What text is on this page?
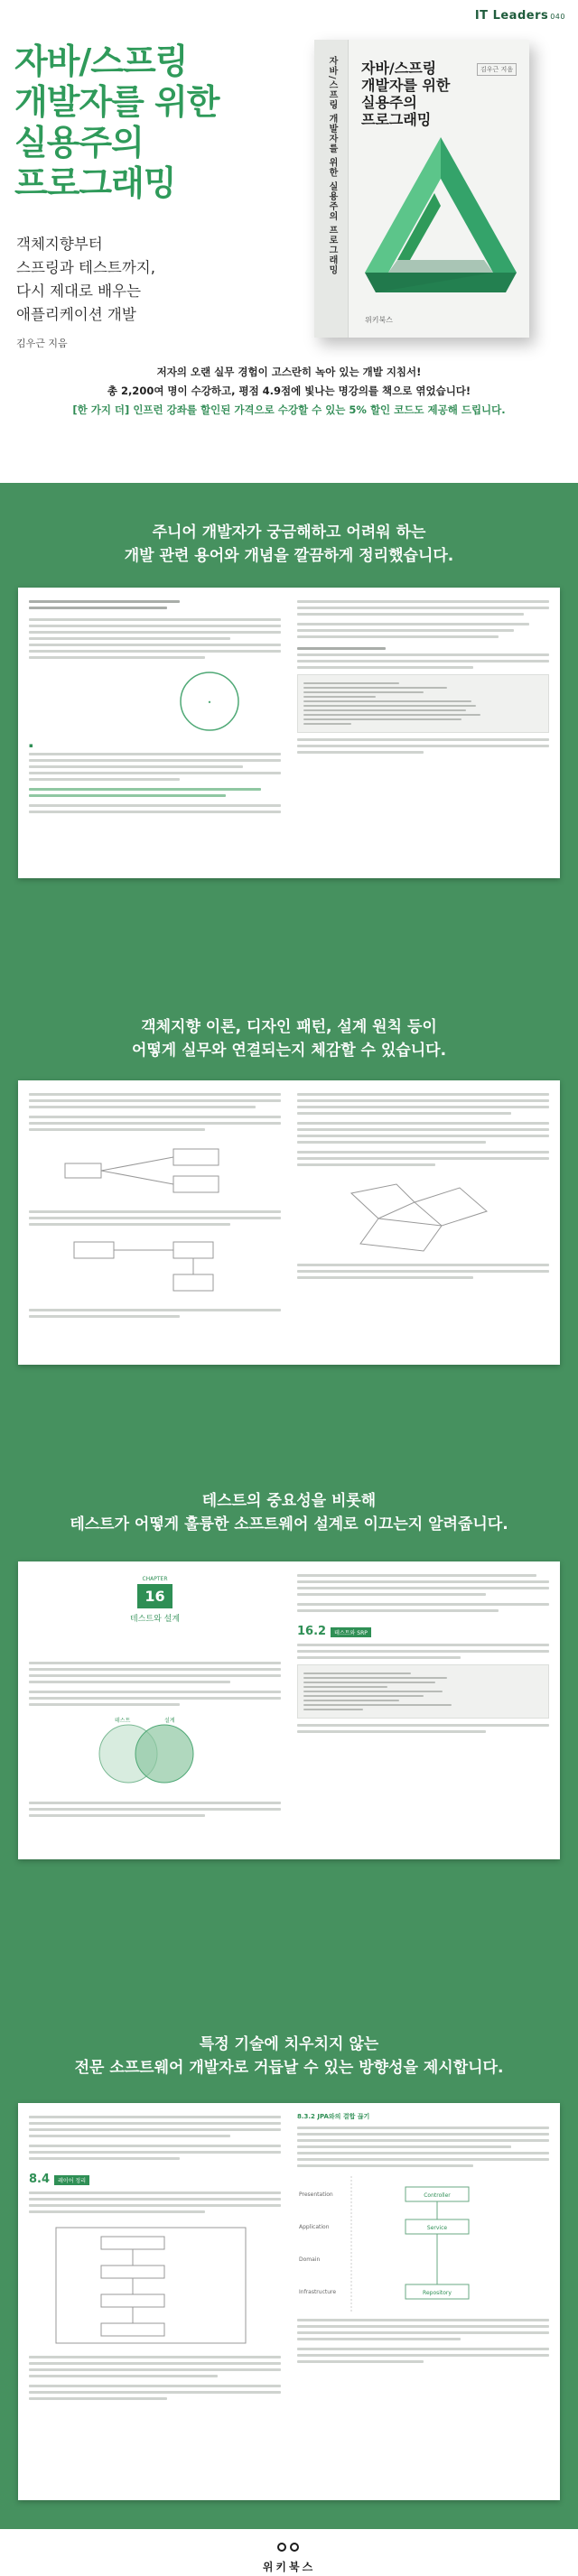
IT Leaders 040
자바/스프링
개발자를 위한
실용주의
프로그래밍
객체지향부터
스프링과 테스트까지,
다시 제대로 배우는
애플리케이션 개발
김우근 지음
자바/스프링 개발자를 위한 실용주의 프로그래밍 자바/스프링
개발자를 위한
실용주의
프로그래밍
김우근 지음
위키북스
저자의 오랜 실무 경험이 고스란히 녹아 있는 개발 지침서!
총 2,200여 명이 수강하고, 평점 4.9점에 빛나는 명강의를 책으로 엮었습니다!
[한 가지 더] 인프런 강좌를 할인된 가격으로 수강할 수 있는 5% 할인 코드도 제공해 드립니다.
주니어 개발자가 궁금해하고 어려워 하는
개발 관련 용어와 개념을 깔끔하게 정리했습니다.
•
▪
객체지향 이론, 디자인 패턴, 설계 원칙 등이
어떻게 실무와 연결되는지 체감할 수 있습니다.
테스트의 중요성을 비롯해
테스트가 어떻게 훌륭한 소프트웨어 설계로 이끄는지 알려줍니다.
CHAPTER
16
테스트와 설계
테스트	설계
16.2 테스트와 SRP
특정 기술에 치우치지 않는
전문 소프트웨어 개발자로 거듭날 수 있는 방향성을 제시합니다.
8.4 레이어 정리
8.3.2 JPA와의 결합 끊기
Presentation
Application
Domain
Infrastructure
Controller
Service
Repository
위키북스
